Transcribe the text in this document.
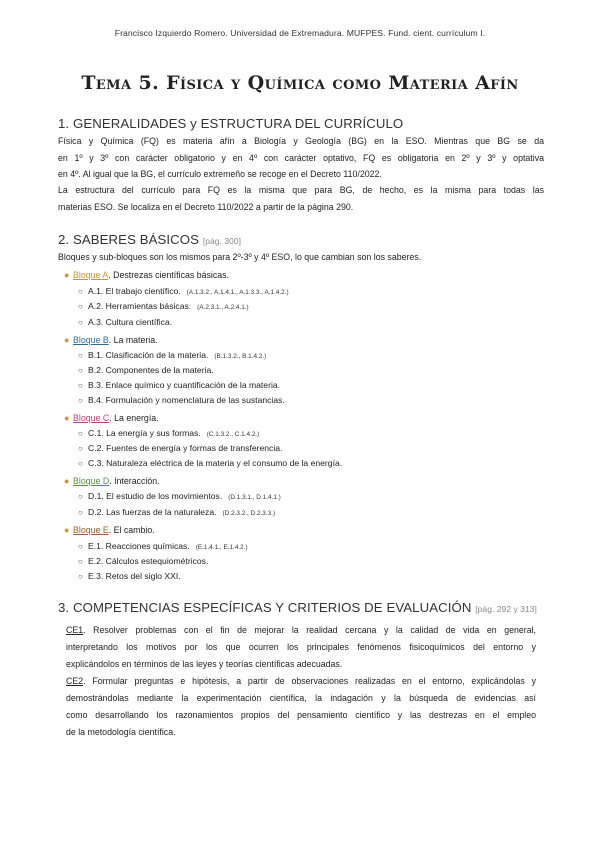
Francisco Izquierdo Romero. Universidad de Extremadura. MUFPES. Fund. cient. currículum I.
Tema 5. Física y Química como Materia Afín
1. GENERALIDADES y ESTRUCTURA DEL CURRÍCULO
Física y Química (FQ) es materia afín a Biología y Geología (BG) en la ESO. Mientras que BG se da
en 1º y 3º con carácter obligatorio y en 4º con carácter optativo, FQ es obligatoria en 2º y 3º y optativa
en 4º. Al igual que la BG, el currículo extremeño se recoge en el Decreto 110/2022.
La estructura del currículo para FQ es la misma que para BG, de hecho, es la misma para todas las
materias ESO. Se localiza en el Decreto 110/2022 a partir de la página 290.
2. SABERES BÁSICOS [pág. 300]
Bloques y sub-bloques son los mismos para 2º-3º y 4º ESO, lo que cambian son los saberes.
● Bloque A. Destrezas científicas básicas.
○ A.1. El trabajo científico. (A.1.3.2., A.1.4.1., A.1.3.3., A.1.4.2.)
○ A.2. Herramientas básicas. (A.2.3.1., A.2.4.1.)
○ A.3. Cultura científica.
● Bloque B. La materia.
○ B.1. Clasificación de la materia. (B.1.3.2., B.1.4.2.)
○ B.2. Componentes de la materia.
○ B.3. Enlace químico y cuantificación de la materia.
○ B.4. Formulación y nomenclatura de las sustancias.
● Bloque C. La energía.
○ C.1. La energía y sus formas. (C.1.3.2., C.1.4.2.)
○ C.2. Fuentes de energía y formas de transferencia.
○ C.3. Naturaleza eléctrica de la materia y el consumo de la energía.
● Bloque D. Interacción.
○ D.1. El estudio de los movimientos. (D.1.3.1., D.1.4.1.)
○ D.2. Las fuerzas de la naturaleza. (D.2.3.2., D.2.3.3.)
● Bloque E. El cambio.
○ E.1. Reacciones químicas. (E.1.4.1., E.1.4.2.)
○ E.2. Cálculos estequiométricos.
○ E.3. Retos del siglo XXI.
3. COMPETENCIAS ESPECÍFICAS Y CRITERIOS DE EVALUACIÓN [pág. 292 y 313]
CE1. Resolver problemas con el fin de mejorar la realidad cercana y la calidad de vida en general,
interpretando los motivos por los que ocurren los principales fenómenos fisicoquímicos del entorno y
explicándolos en términos de las leyes y teorías científicas adecuadas.
CE2. Formular preguntas e hipótesis, a partir de observaciones realizadas en el entorno, explicándolas y
demostrándolas mediante la experimentación científica, la indagación y la búsqueda de evidencias así
como desarrollando los razonamientos propios del pensamiento científico y las destrezas en el empleo
de la metodología científica.
